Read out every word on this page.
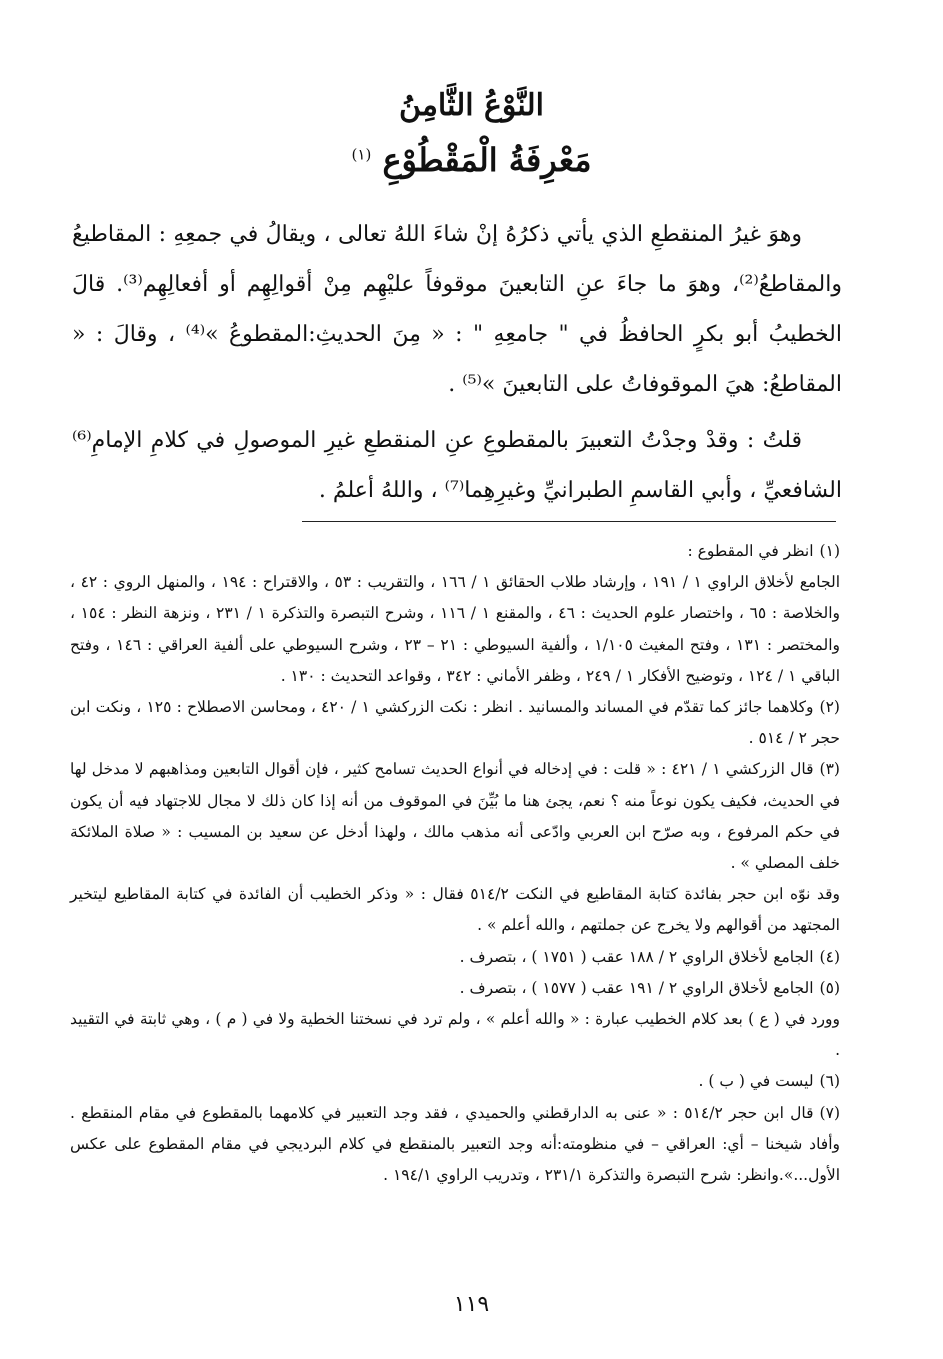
النَّوْعُ الثَّامِنُ
مَعْرِفَةُ الْمَقْطُوْعِ $^{(١)}$

وهوَ غيرُ المنقطعِ الذي يأتي ذكرُهُ إنْ شاءَ اللهُ تعالى ، ويقالُ في جمعِهِ : المقاطيعُ والمقاطعُ⁽²⁾، وهوَ ما جاءَ عنِ التابعينَ موقوفاً عليْهِم مِنْ أقوالِهِم أو أفعالِهِم⁽³⁾. قالَ الخطيبُ أبو بكرٍ الحافظُ في " جامعِهِ " : « مِنَ الحديثِ:المقطوعُ »⁽⁴⁾ ، وقالَ : « المقاطعُ: هيَ الموقوفاتُ على التابعينَ »⁽⁵⁾ .

قلتُ : وقدْ وجدْتُ التعبيرَ بالمقطوعِ عنِ المنقطعِ غيرِ الموصولِ في كلامِ الإمامِ⁽⁶⁾ الشافعيِّ ، وأبي القاسمِ الطبرانيِّ وغيرِهِما⁽⁷⁾ ، واللهُ أعلمُ .

(١)انظر في المقطوع :
الجامع لأخلاق الراوي ١ / ١٩١ ، وإرشاد طلاب الحقائق ١ / ١٦٦ ، والتقريب : ٥٣ ، والاقتراح : ١٩٤ ، والمنهل الروي : ٤٢ ، والخلاصة : ٦٥ ، واختصار علوم الحديث : ٤٦ ، والمقنع ١ / ١١٦ ، وشرح التبصرة والتذكرة ١ / ٢٣١ ، ونزهة النظر : ١٥٤ ، والمختصر : ١٣١ ، وفتح المغيث ١/١٠٥ ، وألفية السيوطي : ٢١ – ٢٣ ، وشرح السيوطي على ألفية العراقي : ١٤٦ ، وفتح الباقي ١ / ١٢٤ ، وتوضيح الأفكار ١ / ٢٤٩ ، وظفر الأماني : ٣٤٢ ، وقواعد التحديث : ١٣٠ .
(٢)وكلاهما جائز كما تقدّم في المساند والمسانيد . انظر : نكت الزركشي ١ / ٤٢٠ ، ومحاسن الاصطلاح : ١٢٥ ، ونكت ابن حجر ٢ / ٥١٤ .
(٣)قال الزركشي ١ / ٤٢١ : « قلت : في إدخاله في أنواع الحديث تسامح كثير ، فإن أقوال التابعين ومذاهبهم لا مدخل لها في الحديث، فكيف يكون نوعاً منه ؟ نعم، يجئ هنا ما بُيِّنَ في الموقوف من أنه إذا كان ذلك لا مجال للاجتهاد فيه أن يكون في حكم المرفوع ، وبه صرّح ابن العربي وادّعى أنه مذهب مالك ، ولهذا أدخل عن سعيد بن المسيب : « صلاة الملائكة خلف المصلي » .
وقد نوّه ابن حجر بفائدة كتابة المقاطيع في النكت ٥١٤/٢ فقال : « وذكر الخطيب أن الفائدة في كتابة المقاطيع ليتخير المجتهد من أقوالهم ولا يخرج عن جملتهم ، والله أعلم » .
(٤)الجامع لأخلاق الراوي ٢ / ١٨٨ عقب ( ١٧٥١ ) ، بتصرف .
(٥)الجامع لأخلاق الراوي ٢ / ١٩١ عقب ( ١٥٧٧ ) ، بتصرف .
وورد في ( ع ) بعد كلام الخطيب عبارة : « والله أعلم » ، ولم ترد في نسختنا الخطية ولا في ( م ) ، وهي ثابتة في التقييد .
(٦)ليست في ( ب ) .
(٧)قال ابن حجر ٥١٤/٢ : « عنى به الدارقطني والحميدي ، فقد وجد التعبير في كلامهما بالمقطوع في مقام المنقطع . وأفاد شيخنا – أي: العراقي – في منظومته:أنه وجد التعبير بالمنقطع في كلام البرديجي في مقام المقطوع على عكس الأول...».وانظر: شرح التبصرة والتذكرة ٢٣١/١ ، وتدريب الراوي ١٩٤/١ .
١١٩
